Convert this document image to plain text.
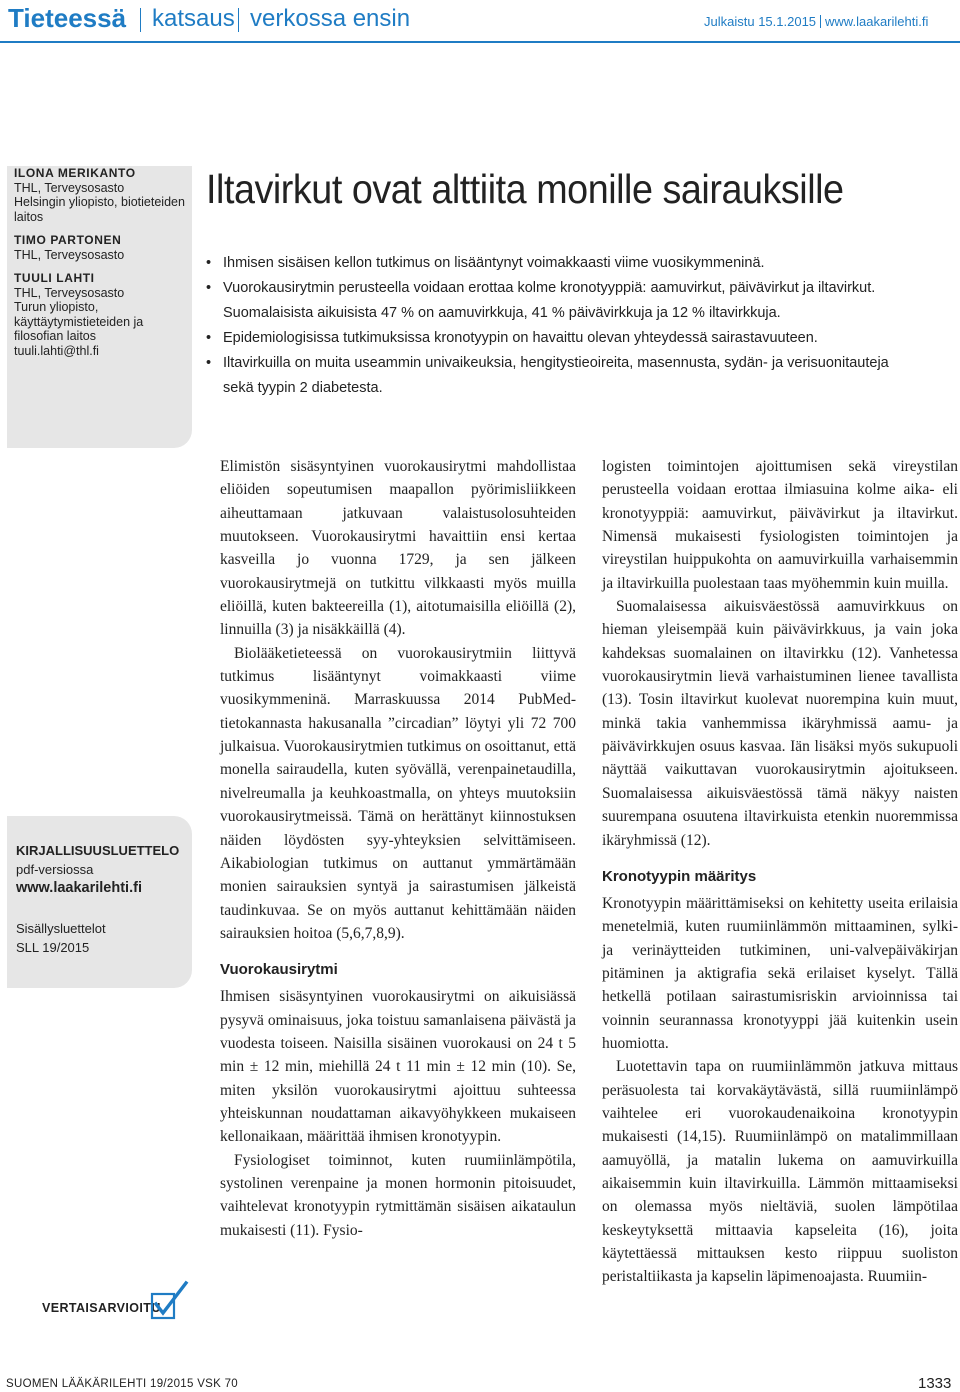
Tieteessä katsaus verkossa ensin	Julkaistu 15.1.2015 www.laakarilehti.fi
ILONA MERIKANTO
THL, Terveysosasto
Helsingin yliopisto, biotieteiden laitos
TIMO PARTONEN
THL, Terveysosasto
TUULI LAHTI
THL, Terveysosasto
Turun yliopisto, käyttäytymistieteiden ja filosofian laitos
tuuli.lahti@thl.fi
Iltavirkut ovat alttiita monille sairauksille
• Ihmisen sisäisen kellon tutkimus on lisääntynyt voimakkaasti viime vuosikymmeninä.
• Vuorokausirytmin perusteella voidaan erottaa kolme kronotyyppiä: aamuvirkut, päivävirkut ja iltavirkut.
Suomalaisista aikuisista 47 % on aamuvirkkuja, 41 % päivävirkkuja ja 12 % iltavirkkuja.
• Epidemiologisissa tutkimuksissa kronotyypin on havaittu olevan yhteydessä sairastavuuteen.
• Iltavirkuilla on muita useammin univaikeuksia, hengitystieoireita, masennusta, sydän- ja verisuonitauteja
sekä tyypin 2 diabetesta.
KIRJALLISUUSLUETTELO
pdf-versiossa
www.laakarilehti.fi
Sisällysluettelot
SLL 19/2015
VERTAISARVIOITU

Elimistön sisäsyntyinen vuorokausirytmi mahdollistaa eliöiden sopeutumisen maapallon pyörimisliikkeen aiheuttamaan jatkuvaan valaistusolosuhteiden muutokseen. Vuorokausirytmi havaittiin ensi kertaa kasveilla jo vuonna 1729, ja sen jälkeen vuorokausirytmejä on tutkittu vilkkaasti myös muilla eliöillä, kuten bakteereilla (1), aitotumaisilla eliöillä (2), linnuilla (3) ja nisäkkäillä (4).

Biolääketieteessä on vuorokausirytmiin liittyvä tutkimus lisääntynyt voimakkaasti viime vuosikymmeninä. Marraskuussa 2014 PubMed-tietokannasta hakusanalla ”circadian” löytyi yli 72 700 julkaisua. Vuorokausirytmien tutkimus on osoittanut, että monella sairaudella, kuten syövällä, verenpainetaudilla, nivelreumalla ja keuhkoastmalla, on yhteys muutoksiin vuorokausirytmeissä. Tämä on herättänyt kiinnostuksen näiden löydösten syy-yhteyksien selvittämiseen. Aikabiologian tutkimus on auttanut ymmärtämään monien sairauksien syntyä ja sairastumisen jälkeistä taudinkuvaa. Se on myös auttanut kehittämään näiden sairauksien hoitoa (5,6,7,8,9).

Vuorokausirytmi

Ihmisen sisäsyntyinen vuorokausirytmi on aikuisiässä pysyvä ominaisuus, joka toistuu samanlaisena päivästä ja vuodesta toiseen. Naisilla sisäinen vuorokausi on 24 t 5 min ± 12 min, miehillä 24 t 11 min ± 12 min (10). Se, miten yksilön vuorokausirytmi ajoittuu suhteessa yhteiskunnan noudattaman aikavyöhykkeen mukaiseen kellonaikaan, määrittää ihmisen kronotyypin.

Fysiologiset toiminnot, kuten ruumiinlämpötila, systolinen verenpaine ja monen hormonin pitoisuudet, vaihtelevat kronotyypin rytmittämän sisäisen aikataulun mukaisesti (11). Fysio-

logisten toimintojen ajoittumisen sekä vireystilan perusteella voidaan erottaa ilmiasuina kolme aika- eli kronotyyppiä: aamuvirkut, päivävirkut ja iltavirkut. Nimensä mukaisesti fysiologisten toimintojen ja vireystilan huippukohta on aamuvirkuilla varhaisemmin ja iltavirkuilla puolestaan taas myöhemmin kuin muilla.

Suomalaisessa aikuisväestössä aamuvirkkuus on hieman yleisempää kuin päivävirkkuus, ja vain joka kahdeksas suomalainen on iltavirkku (12). Vanhetessa vuorokausirytmin lievä varhaistuminen lienee tavallista (13). Tosin iltavirkut kuolevat nuorempina kuin muut, minkä takia vanhemmissa ikäryhmissä aamu- ja päivävirkkujen osuus kasvaa. Iän lisäksi myös sukupuoli näyttää vaikuttavan vuorokausirytmin ajoitukseen. Suomalaisessa aikuisväestössä tämä näkyy naisten suurempana osuutena iltavirkuista etenkin nuoremmissa ikäryhmissä (12).

Kronotyypin määritys

Kronotyypin määrittämiseksi on kehitetty useita erilaisia menetelmiä, kuten ruumiinlämmön mittaaminen, sylki- ja verinäytteiden tutkiminen, uni-valvepäiväkirjan pitäminen ja aktigrafia sekä erilaiset kyselyt. Tällä hetkellä potilaan sairastumisriskin arvioinnissa tai voinnin seurannassa kronotyyppi jää kuitenkin usein huomiotta.

Luotettavin tapa on ruumiinlämmön jatkuva mittaus peräsuolesta tai korvakäytävästä, sillä ruumiinlämpö vaihtelee eri vuorokaudenaikoina kronotyypin mukaisesti (14,15). Ruumiinlämpö on matalimmillaan aamuyöllä, ja matalin lukema on aamuvirkuilla aikaisemmin kuin iltavirkuilla. Lämmön mittaamiseksi on olemassa myös nieltäviä, suolen lämpötilaa keskeytyksettä mittaavia kapseleita (16), joita käytettäessä mittauksen kesto riippuu suoliston peristaltiikasta ja kapselin läpimenoajasta. Ruumiin-

SUOMEN LÄÄKÄRILEHTI 19/2015 VSK 70	1333
